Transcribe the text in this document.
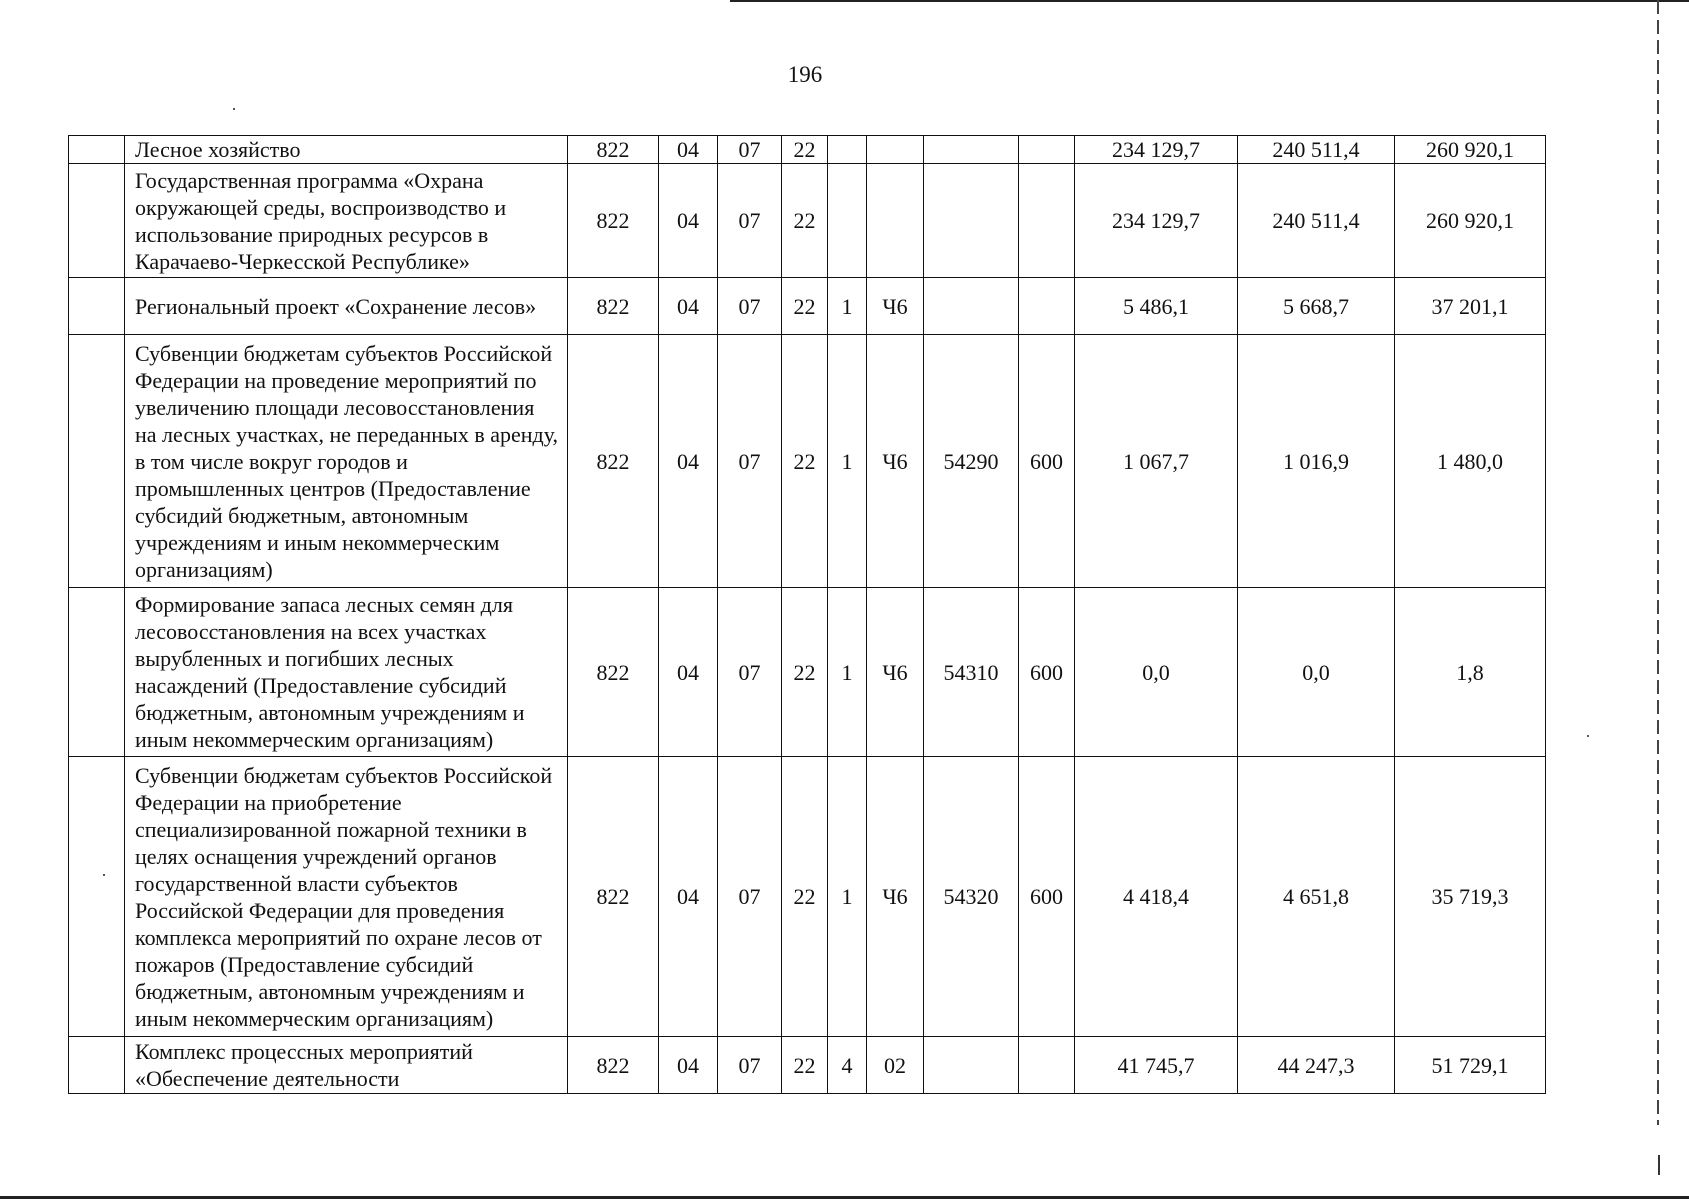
196
	Лесное хозяйство	822	04	07	22					234 129,7	240 511,4	260 920,1
	Государственная программа «Охрана окружающей среды, воспроизводство и использование природных ресурсов в Карачаево-Черкесской Республике»	822	04	07	22					234 129,7	240 511,4	260 920,1
	Региональный проект «Сохранение лесов»	822	04	07	22	1	Ч6			5 486,1	5 668,7	37 201,1
	Субвенции бюджетам субъектов Российской Федерации на проведение мероприятий по увеличению площади лесовосстановления на лесных участках, не переданных в аренду, в том числе вокруг городов и промышленных центров (Предоставление субсидий бюджетным, автономным учреждениям и иным некоммерческим организациям)	822	04	07	22	1	Ч6	54290	600	1 067,7	1 016,9	1 480,0
	Формирование запаса лесных семян для лесовосстановления на всех участках вырубленных и погибших лесных насаждений (Предоставление субсидий бюджетным, автономным учреждениям и иным некоммерческим организациям)	822	04	07	22	1	Ч6	54310	600	0,0	0,0	1,8
	Субвенции бюджетам субъектов Российской Федерации на приобретение специализированной пожарной техники в целях оснащения учреждений органов государственной власти субъектов Российской Федерации для проведения комплекса мероприятий по охране лесов от пожаров (Предоставление субсидий бюджетным, автономным учреждениям и иным некоммерческим организациям)	822	04	07	22	1	Ч6	54320	600	4 418,4	4 651,8	35 719,3
	Комплекс процессных мероприятий «Обеспечение деятельности	822	04	07	22	4	02			41 745,7	44 247,3	51 729,1
